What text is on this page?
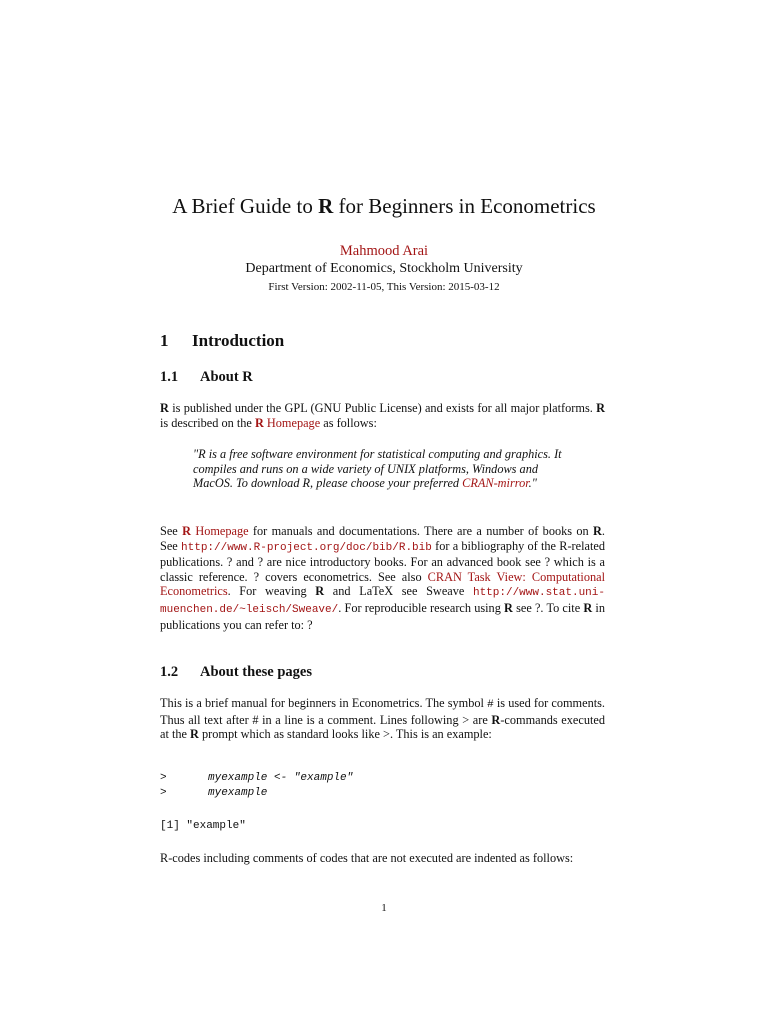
A Brief Guide to R for Beginners in Econometrics
Mahmood Arai
Department of Economics, Stockholm University
First Version: 2002-11-05, This Version: 2015-03-12
1 Introduction
1.1 About R
R is published under the GPL (GNU Public License) and exists for all major platforms. R is described on the R Homepage as follows:
"R is a free software environment for statistical computing and graphics. It compiles and runs on a wide variety of UNIX platforms, Windows and MacOS. To download R, please choose your preferred CRAN-mirror."
See R Homepage for manuals and documentations. There are a number of books on R. See http://www.R-project.org/doc/bib/R.bib for a bibliography of the R-related publications. ? and ? are nice introductory books. For an advanced book see ? which is a classic reference. ? covers econometrics. See also CRAN Task View: Computational Econometrics. For weaving R and LaTeX see Sweave http://www.stat.uni-muenchen.de/~leisch/Sweave/. For reproducible research using R see ?. To cite R in publications you can refer to: ?
1.2 About these pages
This is a brief manual for beginners in Econometrics. The symbol # is used for comments. Thus all text after # in a line is a comment. Lines following > are R-commands executed at the R prompt which as standard looks like >. This is an example:
>	myexample <- "example"
>	myexample
[1] "example"
R-codes including comments of codes that are not executed are indented as follows:
1
